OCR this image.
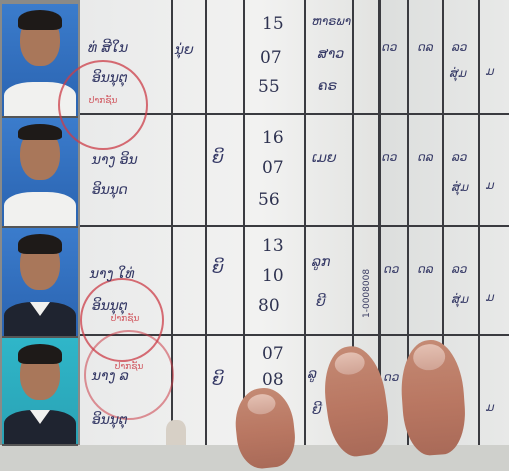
ປາກຊັນ
ປາກຊັນ
ປາກຊັນ
ທ່ ສີໃນ
ອິນນຸຕຸ
ນຸ່ຍ
15
07
55
ຫາຣພາ
ສາວ
ຄຣ
ດວ ດລ ລວ
ສຸ່ມ ມ
ນາງ ອິນ
ອິນນຸດ
ຍິ
16
07
56
ເມຍ	ດວ ດລ ລວ
ສຸ່ມ ມ
ນາງ ໃທ່
ອິນນຸຕຸ
ຍິ
13
10
80
ລູກ
ຍີ	1-0008008 ດວ ດລ ລວ
ສຸ່ມ ມ
ນາງ ລ
ອິນນຸຕຸ
ຍິ
07
08 ລູ
ຍີ
ດວ
ມ
